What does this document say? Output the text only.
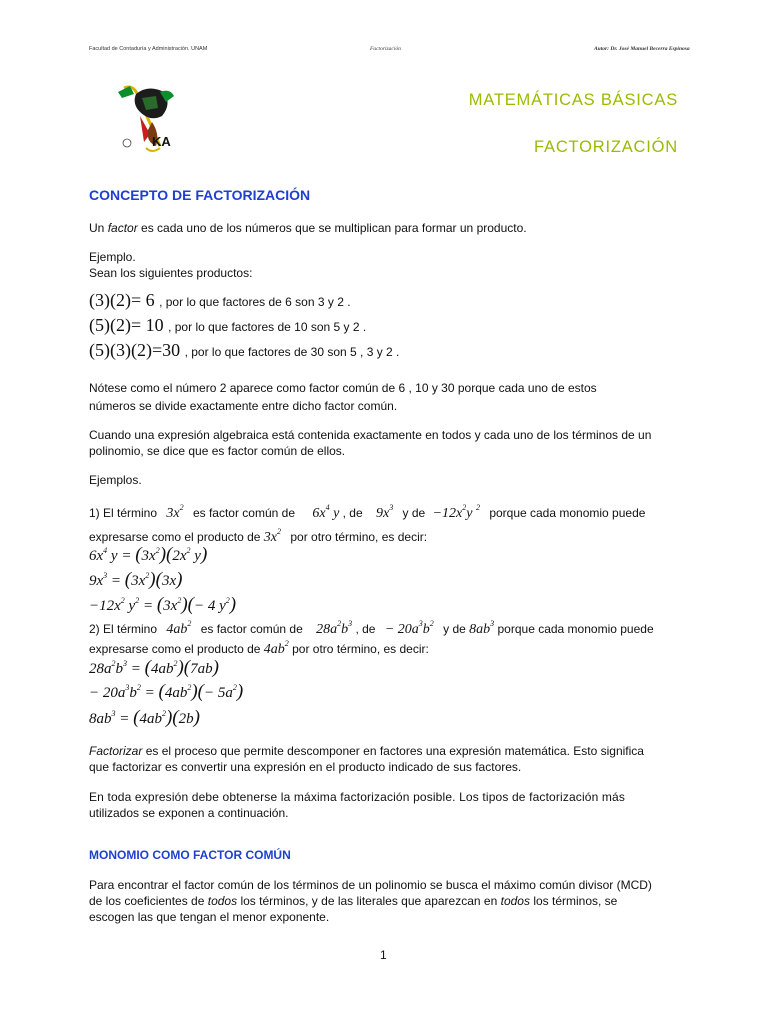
Facultad de Contaduría y Administración. UNAM	Factorización	Autor: Dr. José Manuel Becerra Espinosa
KA
MATEMÁTICAS BÁSICAS
FACTORIZACIÓN
CONCEPTO DE FACTORIZACIÓN
Un factor es cada uno de los números que se multiplican para formar un producto.
Ejemplo.
Sean los siguientes productos:
(3)(2)= 6 , por lo que factores de 6 son 3 y 2 .
(5)(2)= 10 , por lo que factores de 10 son 5 y 2 .
(5)(3)(2)=30 , por lo que factores de 30 son 5 , 3 y 2 .
Nótese como el número 2 aparece como factor común de 6 , 10 y 30 porque cada uno de estos
números se divide exactamente entre dicho factor común.
Cuando una expresión algebraica está contenida exactamente en todos y cada uno de los términos de un
polinomio, se dice que es factor común de ellos.
Ejemplos.
1) El término $3x^2$ es factor común de $6x^4$ y , de $9x^3$ y de $-12x^2y$ $^2$ porque cada monomio puede
expresarse como el producto de $3x^2$ por otro término, es decir:
$6x^4$ $y = (3x^2)(2x^2$ y)
$9x^3 = (3x^2)(3x)$
$-12x^2$ $y^2 = (3x^2)(- 4$ $y^2$)
2) El término $4ab^2$ es factor común de $28a^2b^3$ , de − $20a^3b^2$ y de $8ab^3$ porque cada monomio puede
expresarse como el producto de $4ab^2$ por otro término, es decir:
$28a^2b^3 = (4ab^2)(7ab)$
− $20a^3b^2 = (4ab^2)(- 5a^2)$
$8ab^3 = (4ab^2)(2b)$
Factorizar es el proceso que permite descomponer en factores una expresión matemática. Esto significa
que factorizar es convertir una expresión en el producto indicado de sus factores.
En toda expresión debe obtenerse la máxima factorización posible. Los tipos de factorización más
utilizados se exponen a continuación.
MONOMIO COMO FACTOR COMÚN
Para encontrar el factor común de los términos de un polinomio se busca el máximo común divisor (MCD)
de los coeficientes de todos los términos, y de las literales que aparezcan en todos los términos, se
escogen las que tengan el menor exponente.
1
